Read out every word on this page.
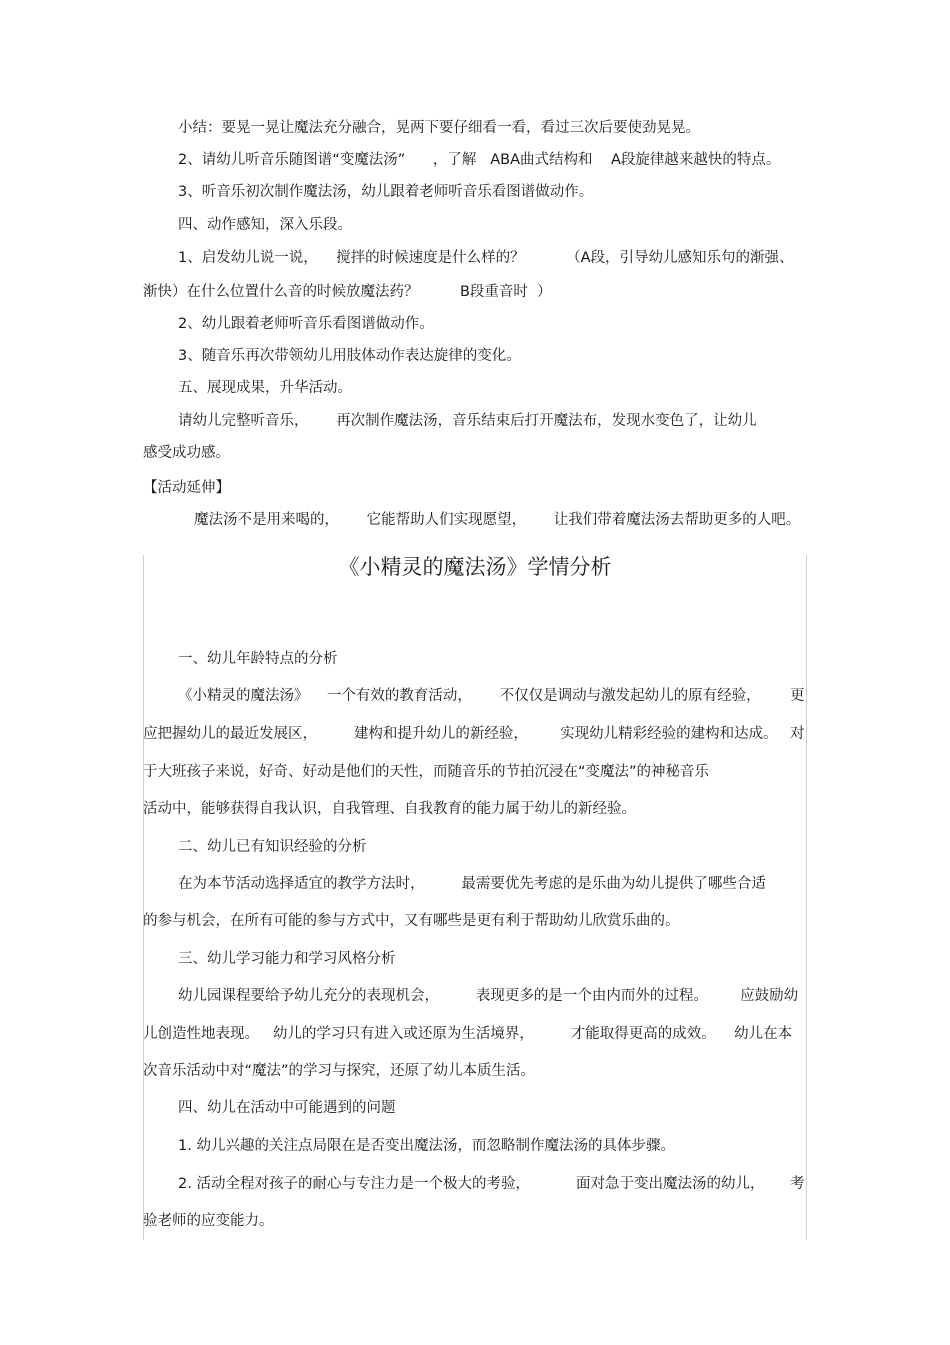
小结：要晃一晃让魔法充分融合，晃两下要仔细看一看，看过三次后要使劲晃晃。
2、请幼儿听音乐随图谱“变魔法汤”      ，了解   ABA曲式结构和    A段旋律越来越快的特点。
3、听音乐初次制作魔法汤，幼儿跟着老师听音乐看图谱做动作。
四、动作感知，深入乐段。
1、启发幼儿说一说，    搅拌的时候速度是什么样的？         （A段，引导幼儿感知乐句的渐强、
渐快）在什么位置什么音的时候放魔法药？         B段重音时  ）
2、幼儿跟着老师听音乐看图谱做动作。
3、随音乐再次带领幼儿用肢体动作表达旋律的变化。
五、展现成果，升华活动。
请幼儿完整听音乐，      再次制作魔法汤，音乐结束后打开魔法布，发现水变色了，让幼儿
感受成功感。
【活动延伸】
魔法汤不是用来喝的，      它能帮助人们实现愿望，      让我们带着魔法汤去帮助更多的人吧。
《小精灵的魔法汤》学情分析
一、幼儿年龄特点的分析
《小精灵的魔法汤》    一个有效的教育活动，      不仅仅是调动与激发起幼儿的原有经验， 更
应把握幼儿的最近发展区，        建构和提升幼儿的新经验，       实现幼儿精彩经验的建构和达成。 对
于大班孩子来说，好奇、好动是他们的天性，而随音乐的节拍沉浸在“变魔法”的神秘音乐
活动中，能够获得自我认识，自我管理、自我教育的能力属于幼儿的新经验。
二、幼儿已有知识经验的分析
在为本节活动选择适宜的教学方法时，        最需要优先考虑的是乐曲为幼儿提供了哪些合适
的参与机会，在所有可能的参与方式中，又有哪些是更有利于帮助幼儿欣赏乐曲的。
三、幼儿学习能力和学习风格分析
幼儿园课程要给予幼儿充分的表现机会，        表现更多的是一个由内而外的过程。       应鼓励幼
儿创造性地表现。   幼儿的学习只有进入或还原为生活境界，        才能取得更高的成效。    幼儿在本
次音乐活动中对“魔法”的学习与探究，还原了幼儿本质生活。
四、幼儿在活动中可能遇到的问题
1. 幼儿兴趣的关注点局限在是否变出魔法汤，而忽略制作魔法汤的具体步骤。
2. 活动全程对孩子的耐心与专注力是一个极大的考验，          面对急于变出魔法汤的幼儿， 考
验老师的应变能力。
